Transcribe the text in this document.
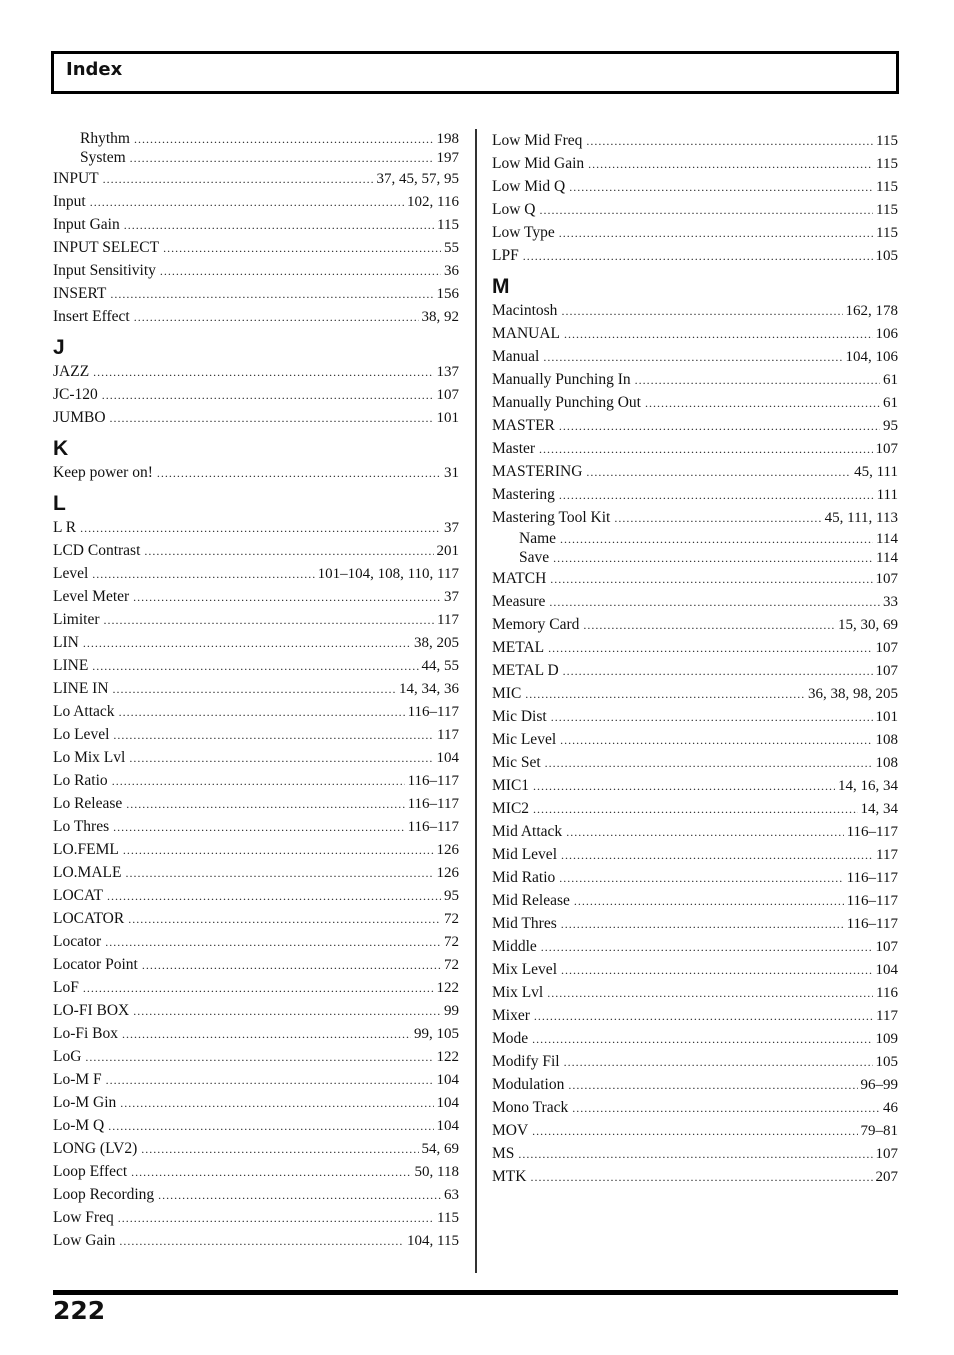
Index
Rhythm .....	198
System .....	197
INPUT .....	37, 45, 57, 95
Input .....	102, 116
Input Gain .....	115
INPUT SELECT .....	55
Input Sensitivity .....	36
INSERT .....	156
Insert Effect .....	38, 92
J
JAZZ .....	137
JC-120 .....	107
JUMBO .....	101
K
Keep power on! .....	31
L
L R .....	37
LCD Contrast .....	201
Level .....	101–104, 108, 110, 117
Level Meter .....	37
Limiter .....	117
LIN .....	38, 205
LINE .....	44, 55
LINE IN .....	14, 34, 36
Lo Attack .....	116–117
Lo Level .....	117
Lo Mix Lvl .....	104
Lo Ratio .....	116–117
Lo Release .....	116–117
Lo Thres .....	116–117
LO.FEML .....	126
LO.MALE .....	126
LOCAT .....	95
LOCATOR .....	72
Locator .....	72
Locator Point .....	72
LoF .....	122
LO-FI BOX .....	99
Lo-Fi Box .....	99, 105
LoG .....	122
Lo-M F .....	104
Lo-M Gin .....	104
Lo-M Q .....	104
LONG (LV2) .....	54, 69
Loop Effect .....	50, 118
Loop Recording .....	63
Low Freq .....	115
Low Gain .....	104, 115
Low Mid Freq .....	115
Low Mid Gain .....	115
Low Mid Q .....	115
Low Q .....	115
Low Type .....	115
LPF .....	105
M
Macintosh .....	162, 178
MANUAL .....	106
Manual .....	104, 106
Manually Punching In .....	61
Manually Punching Out .....	61
MASTER .....	95
Master .....	107
MASTERING .....	45, 111
Mastering .....	111
Mastering Tool Kit .....	45, 111, 113
Name .....	114
Save .....	114
MATCH .....	107
Measure .....	33
Memory Card .....	15, 30, 69
METAL .....	107
METAL D .....	107
MIC .....	36, 38, 98, 205
Mic Dist .....	101
Mic Level .....	108
Mic Set .....	108
MIC1 .....	14, 16, 34
MIC2 .....	14, 34
Mid Attack .....	116–117
Mid Level .....	117
Mid Ratio .....	116–117
Mid Release .....	116–117
Mid Thres .....	116–117
Middle .....	107
Mix Level .....	104
Mix Lvl .....	116
Mixer .....	117
Mode .....	109
Modify Fil .....	105
Modulation .....	96–99
Mono Track .....	46
MOV .....	79–81
MS .....	107
MTK .....	207
222
